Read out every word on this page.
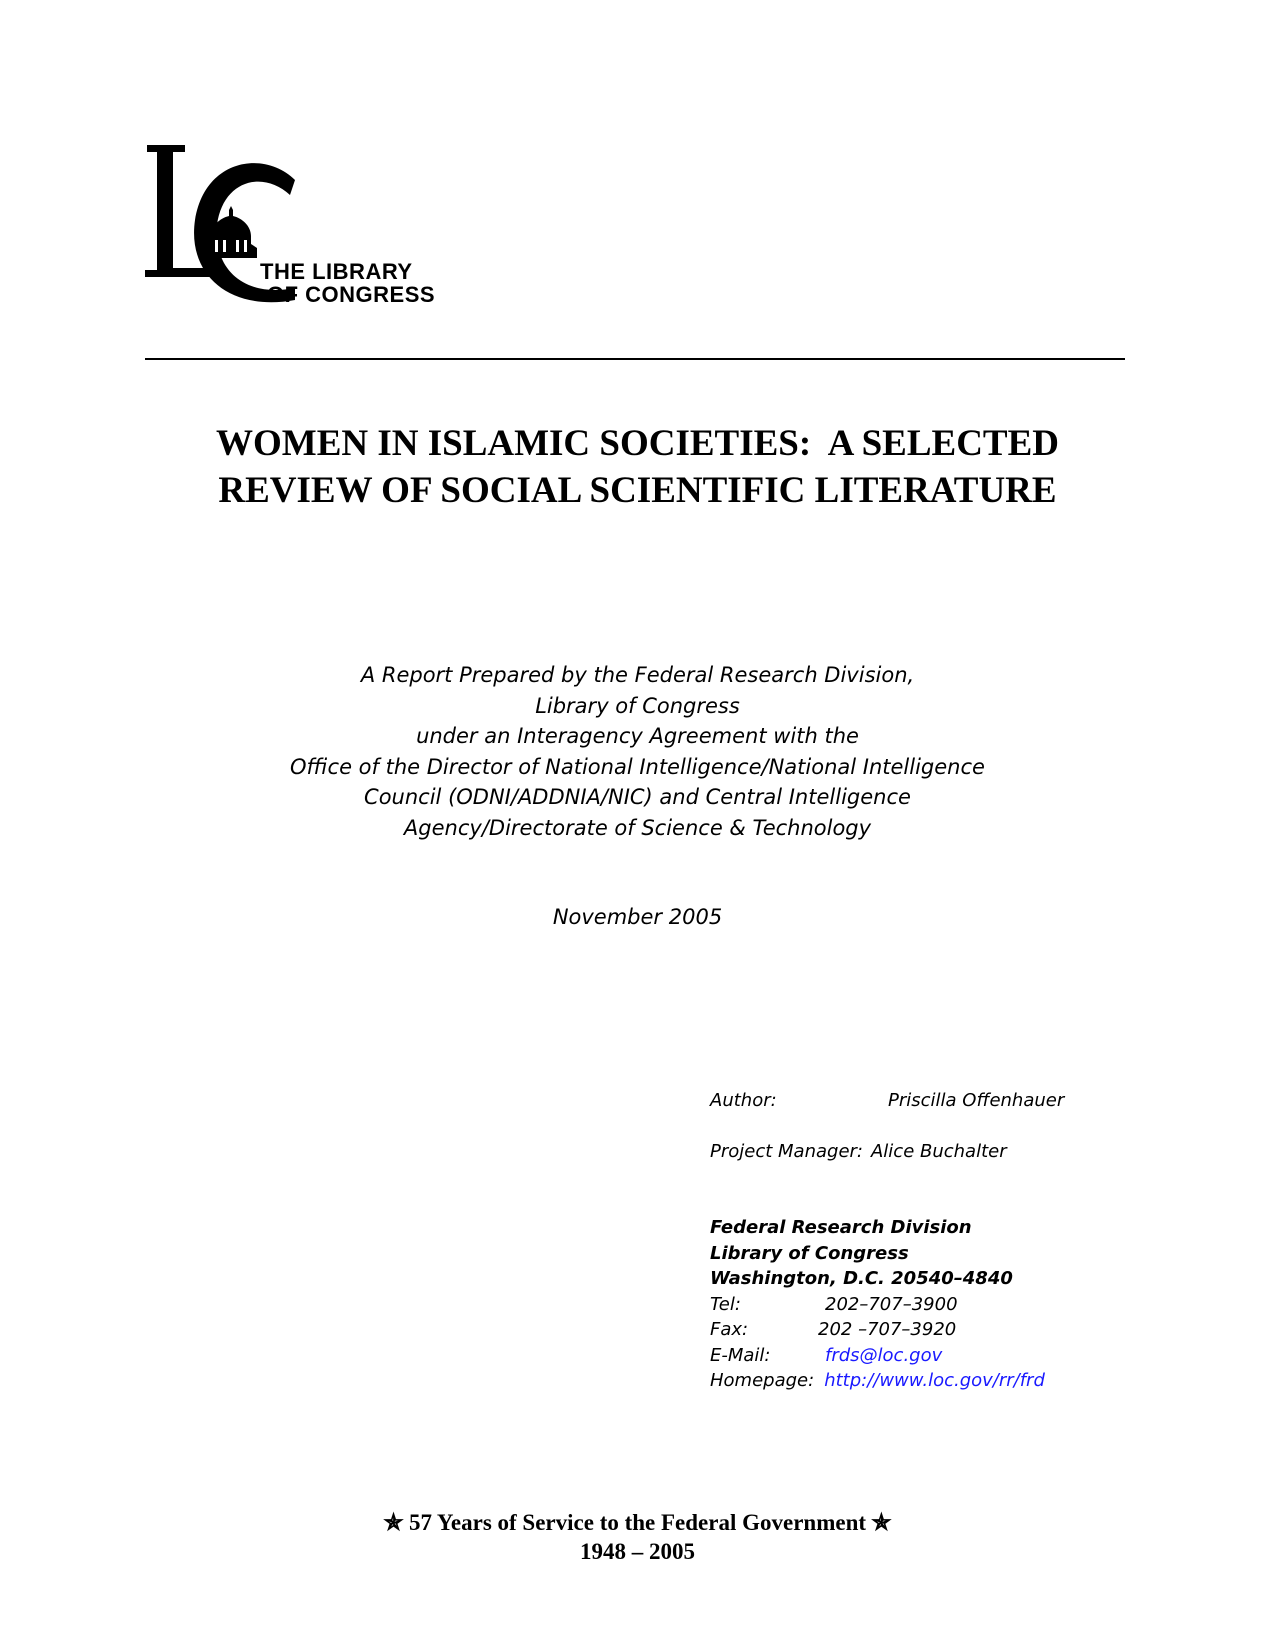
THE LIBRARY
OF CONGRESS
WOMEN IN ISLAMIC SOCIETIES:  A SELECTED
REVIEW OF SOCIAL SCIENTIFIC LITERATURE
A Report Prepared by the Federal Research Division,
Library of Congress
under an Interagency Agreement with the
Office of the Director of National Intelligence/National Intelligence
Council (ODNI/ADDNIA/NIC) and Central Intelligence
Agency/Directorate of Science & Technology
November 2005
Author:	Priscilla Offenhauer
Project Manager: Alice Buchalter
Federal Research Division
Library of Congress
Washington, D.C. 20540–4840
Tel:	202–707–3900
Fax:	202 –707–3920
E-Mail:	frds@loc.gov
Homepage: http://www.loc.gov/rr/frd
✯ 57 Years of Service to the Federal Government ✯
1948 – 2005
